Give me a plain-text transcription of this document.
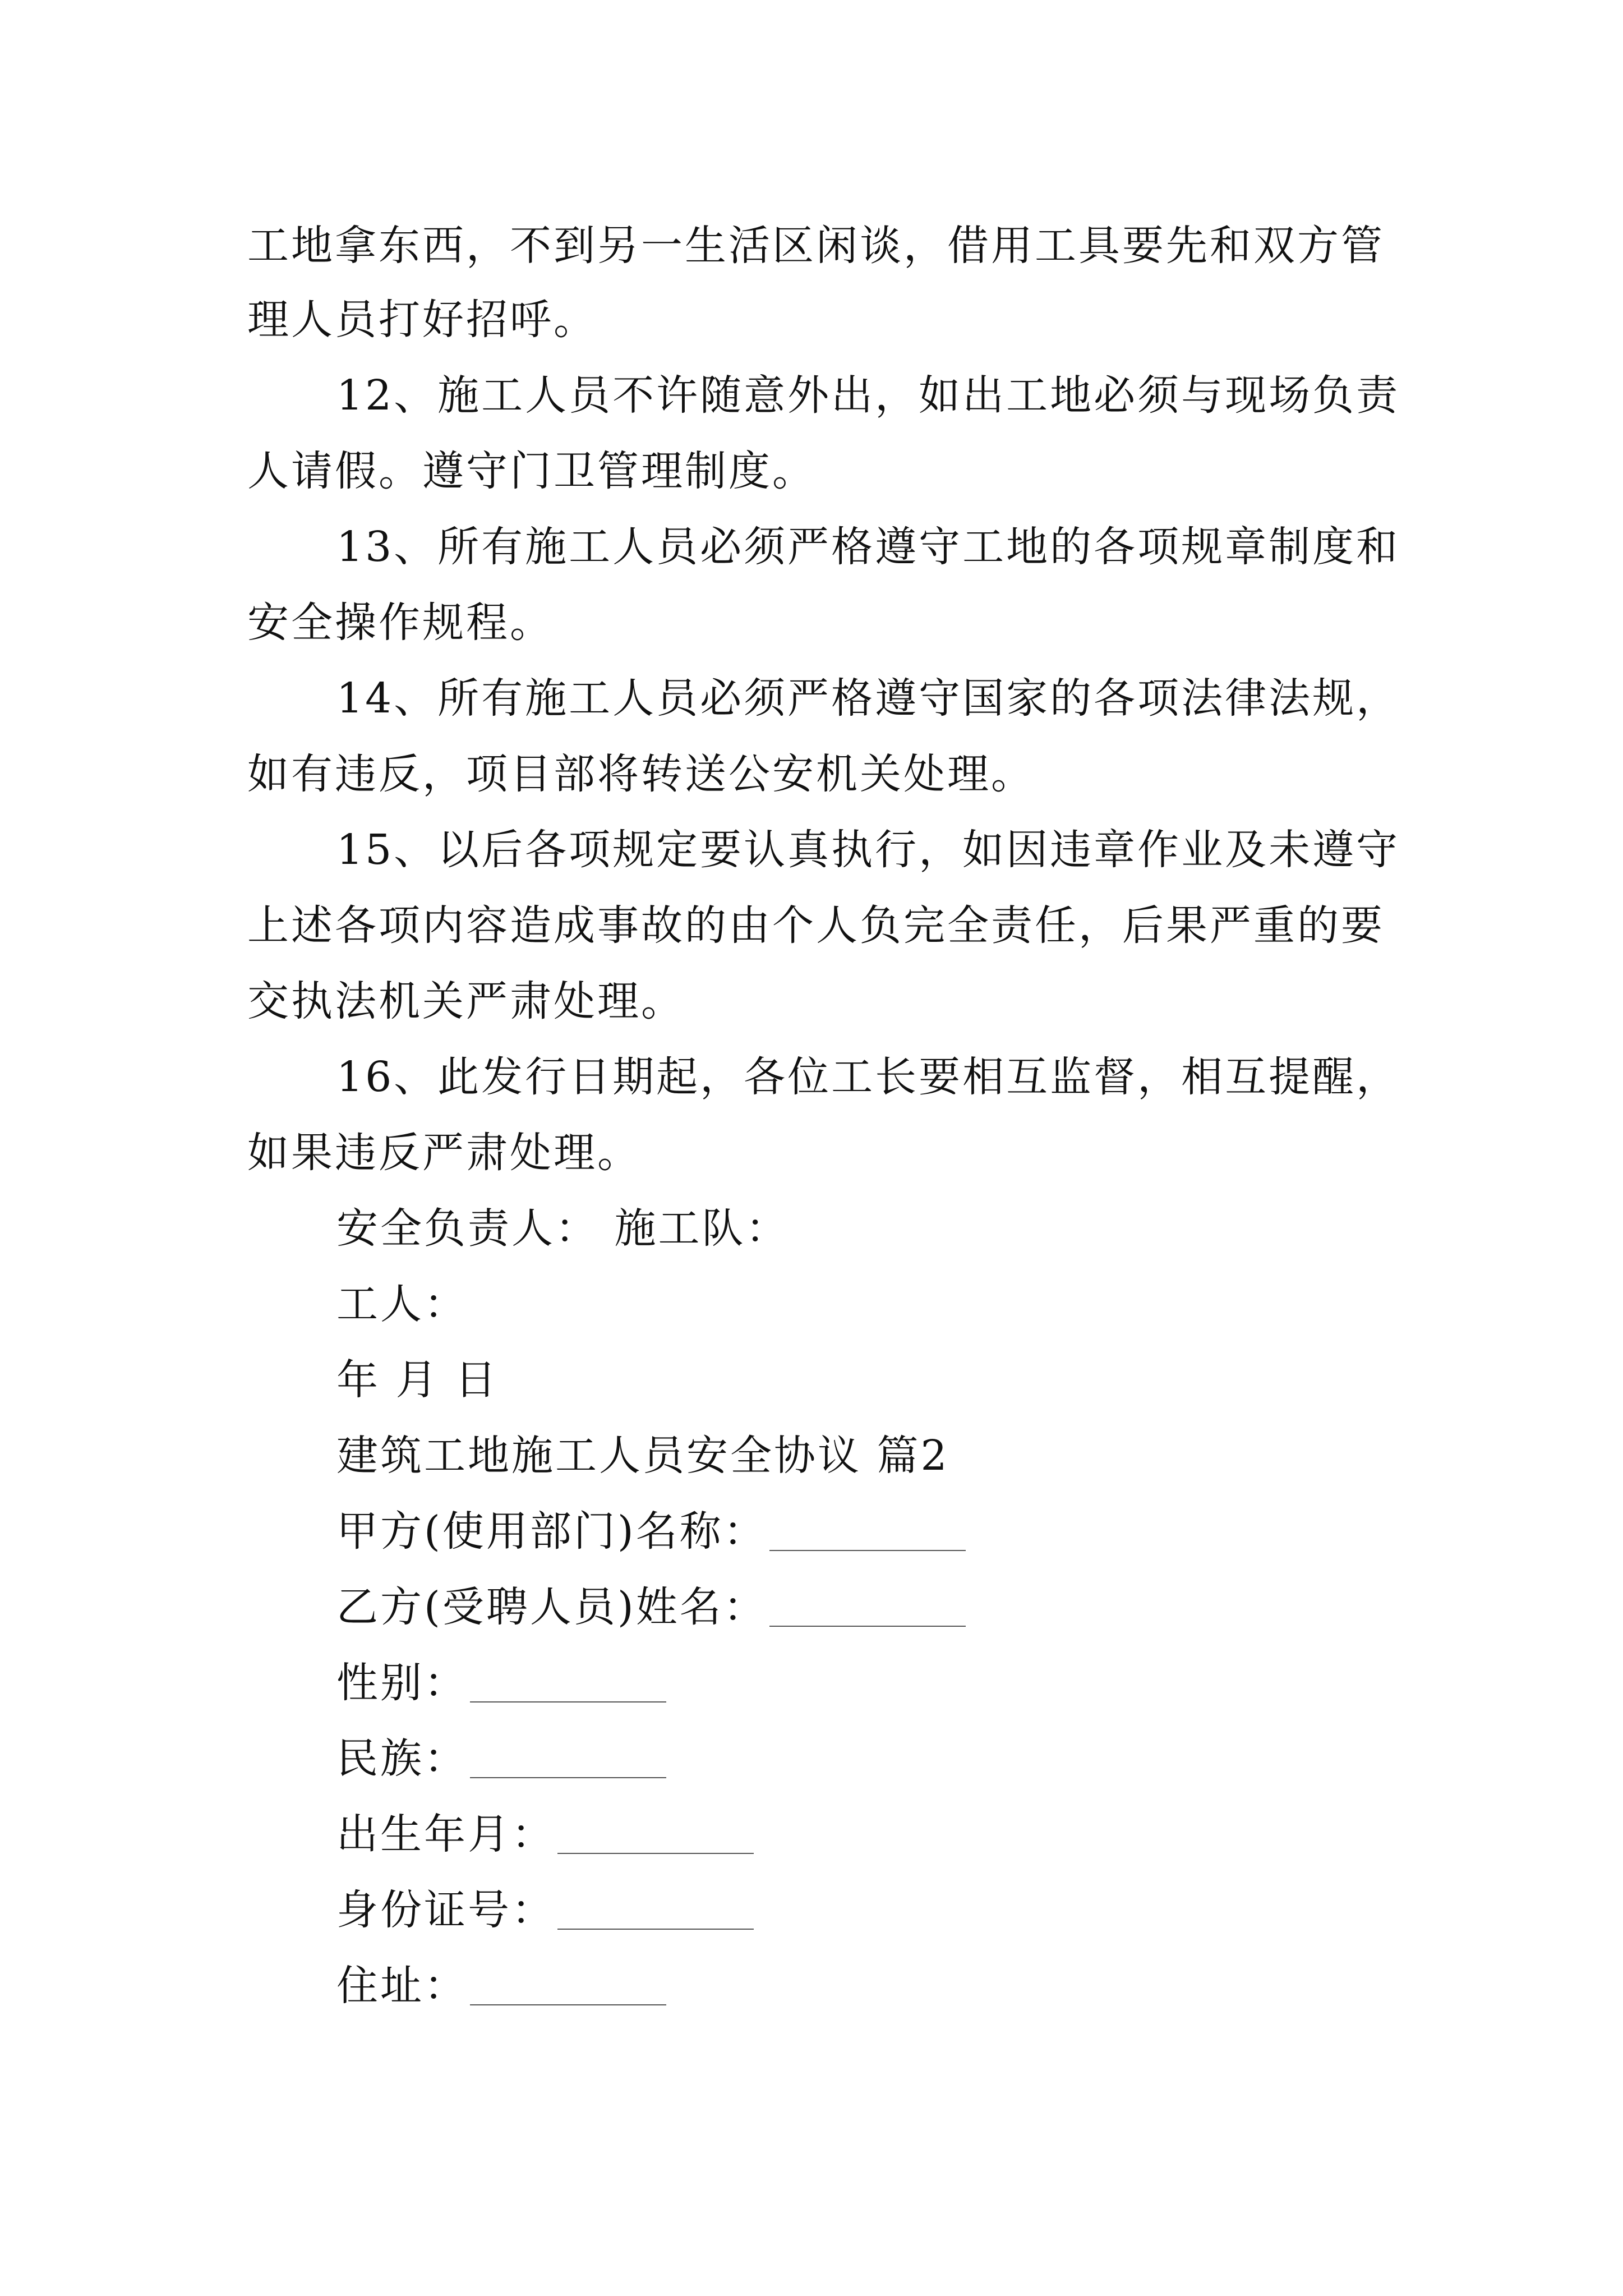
工地拿东西，不到另一生活区闲谈，借用工具要先和双方管
理人员打好招呼。
12、施工人员不许随意外出，如出工地必须与现场负责
人请假。遵守门卫管理制度。
13、所有施工人员必须严格遵守工地的各项规章制度和
安全操作规程。
14、所有施工人员必须严格遵守国家的各项法律法规，
如有违反，项目部将转送公安机关处理。
15、以后各项规定要认真执行，如因违章作业及未遵守
上述各项内容造成事故的由个人负完全责任，后果严重的要
交执法机关严肃处理。
16、此发行日期起，各位工长要相互监督，相互提醒，
如果违反严肃处理。
安全负责人： 施工队：
工人：
年 月 日
建筑工地施工人员安全协议 篇2
甲方(使用部门)名称：
乙方(受聘人员)姓名：
性别：
民族：
出生年月：
身份证号：
住址：
